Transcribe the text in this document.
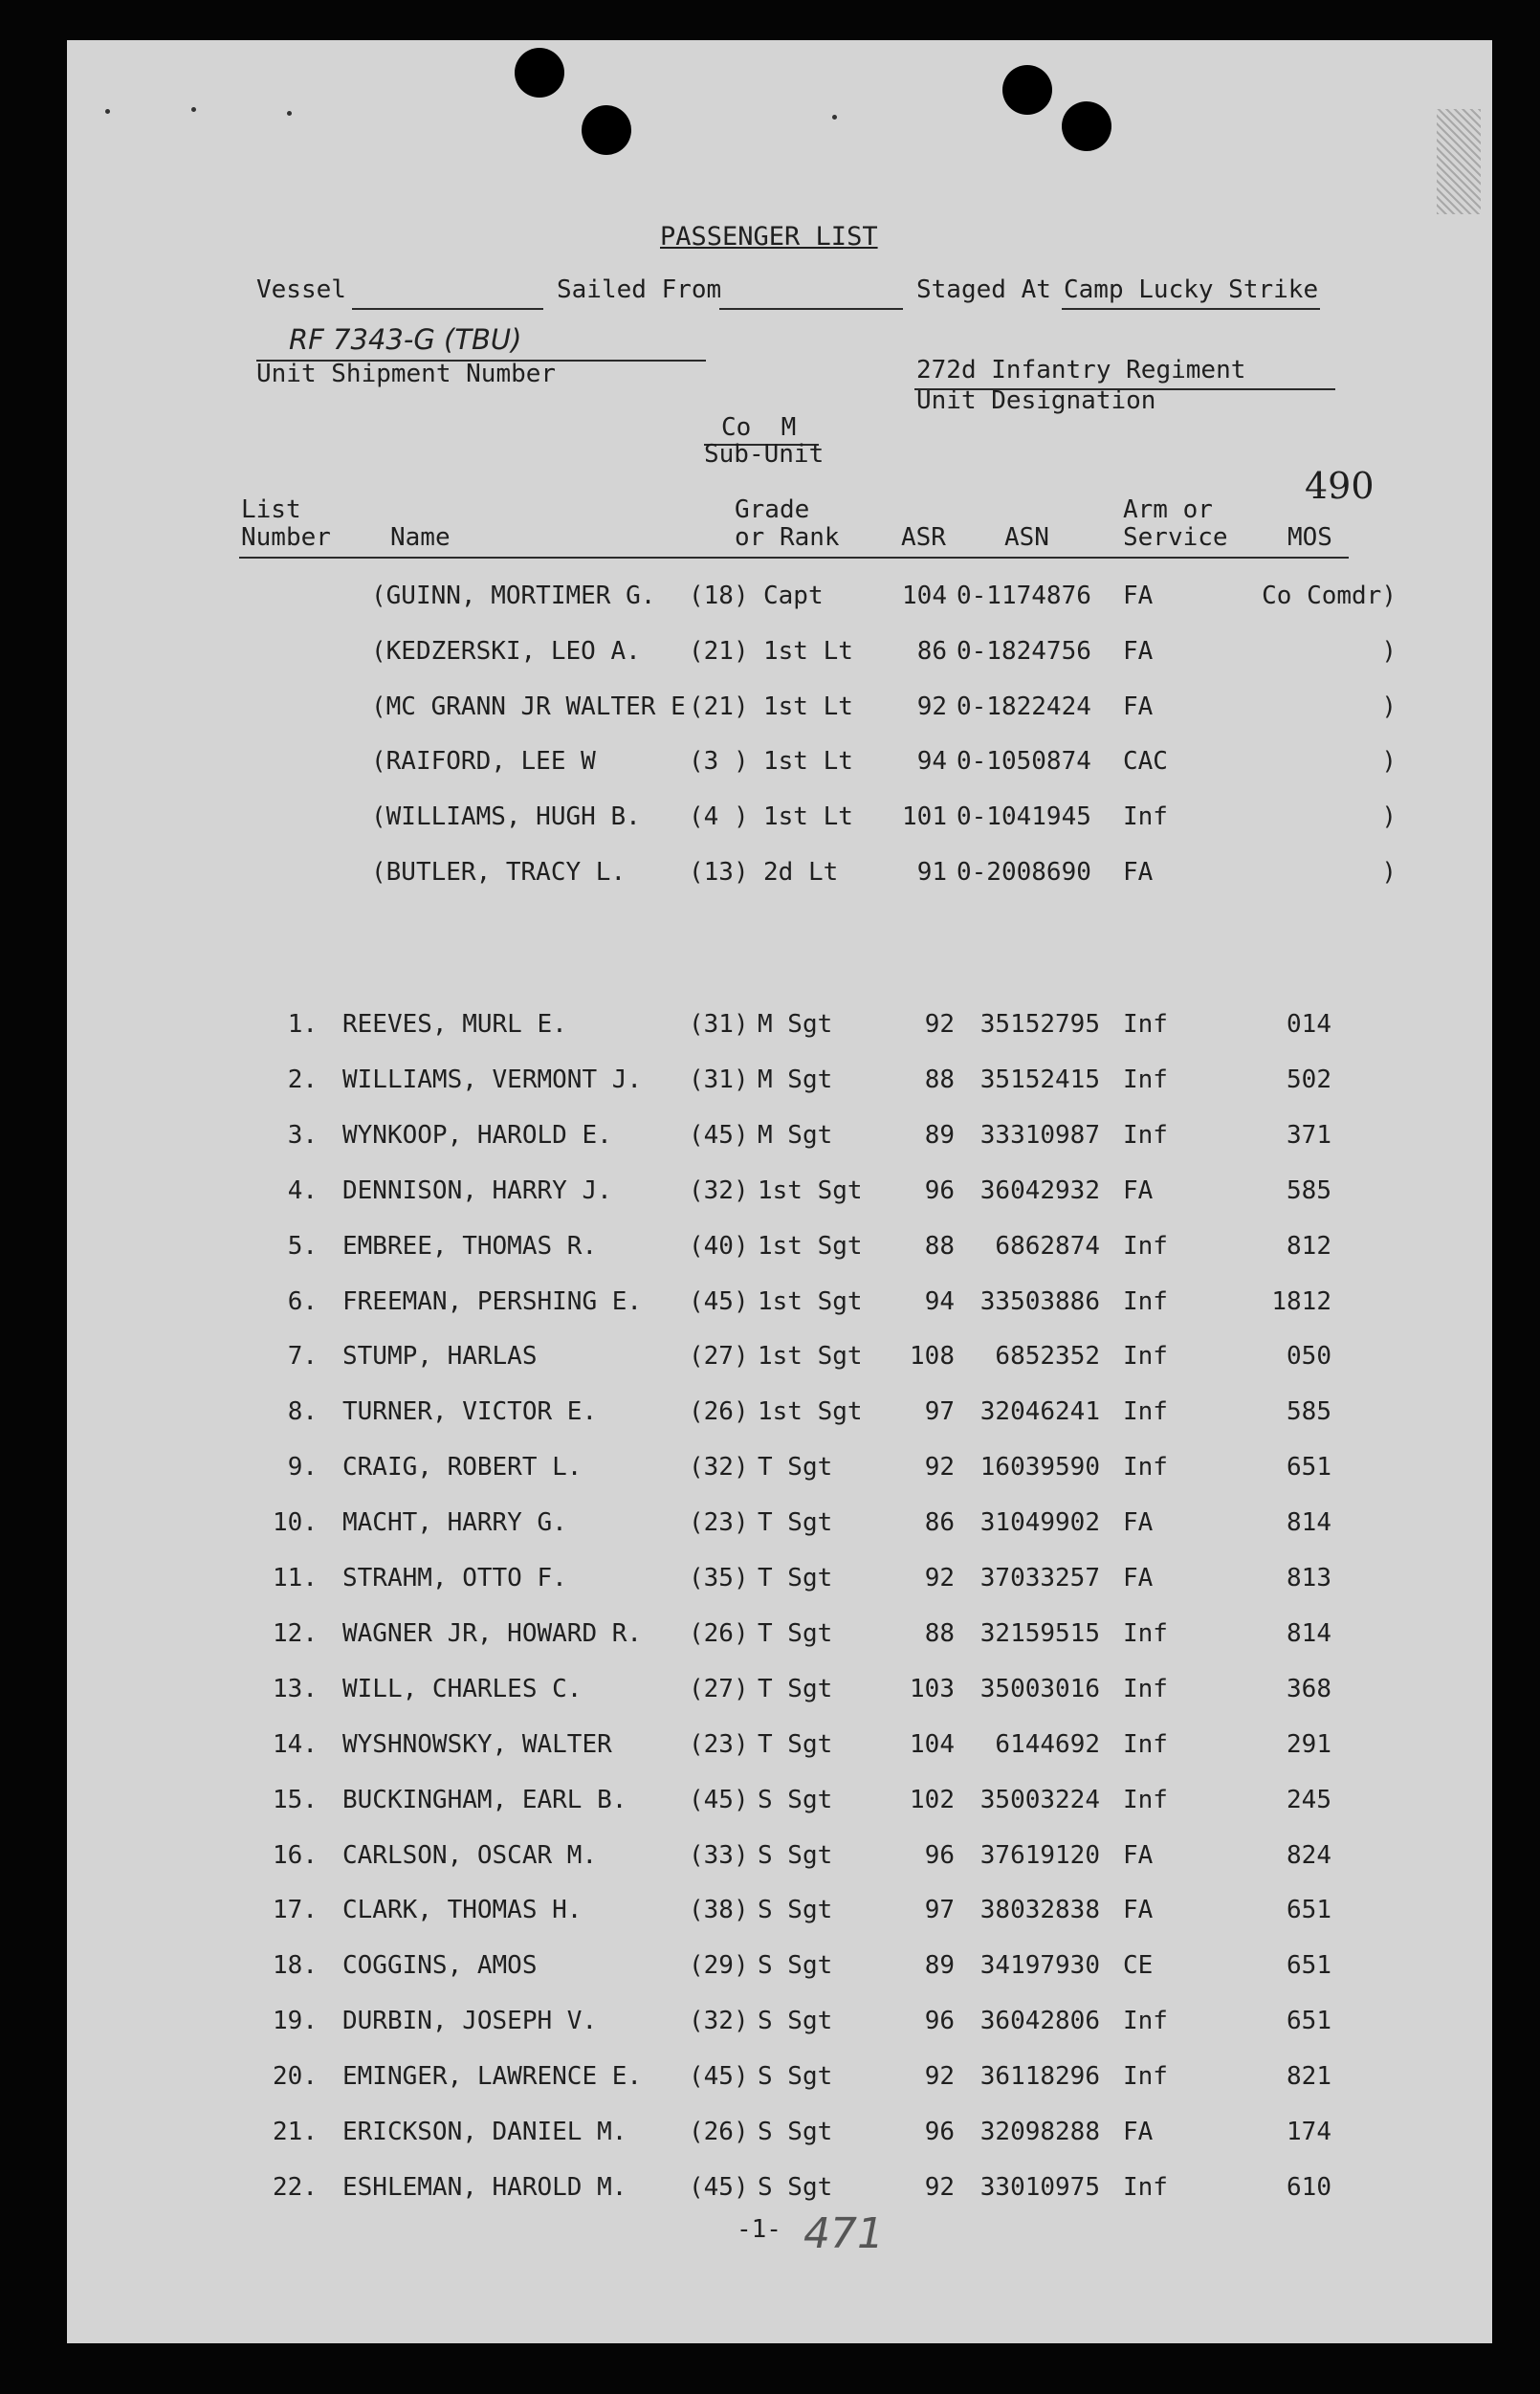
PASSENGER LIST
Vessel	Sailed From	Staged At Camp Lucky Strike
RF 7343-G (TBU)
Unit Shipment Number	272d Infantry Regiment
Unit Designation
Co  M
Sub-Unit
490
List
Number Name
Grade
or Rank ASR ASN
Arm or
Service MOS
(GUINN, MORTIMER G. (18) Capt	104 0-1174876 FA	Co Comdr)
(KEDZERSKI, LEO A. (21) 1st Lt	86 0-1824756 FA	)
(MC GRANN JR WALTER E (21) 1st Lt	92 0-1822424 FA	)
(RAIFORD, LEE W	(3 ) 1st Lt	94 0-1050874 CAC	)
(WILLIAMS, HUGH B. (4 ) 1st Lt 101 0-1041945 Inf	)
(BUTLER, TRACY L.	(13) 2d Lt	91 0-2008690 FA	)
1. REEVES, MURL E.	(31) M Sgt	92	35152795 Inf	014
2. WILLIAMS, VERMONT J. (31) M Sgt	88	35152415 Inf	502
3. WYNKOOP, HAROLD E.	(45) M Sgt	89	33310987 Inf	371
4. DENNISON, HARRY J.	(32) 1st Sgt	96	36042932 FA	585
5. EMBREE, THOMAS R.	(40) 1st Sgt	88	6862874 Inf	812
6. FREEMAN, PERSHING E. (45) 1st Sgt	94	33503886 Inf	1812
7. STUMP, HARLAS	(27) 1st Sgt	108	6852352 Inf	050
8. TURNER, VICTOR E.	(26) 1st Sgt	97	32046241 Inf	585
9. CRAIG, ROBERT L.	(32) T Sgt	92	16039590 Inf	651
10. MACHT, HARRY G.	(23) T Sgt	86	31049902 FA	814
11. STRAHM, OTTO F.	(35) T Sgt	92	37033257 FA	813
12. WAGNER JR, HOWARD R. (26) T Sgt	88	32159515 Inf	814
13. WILL, CHARLES C.	(27) T Sgt	103	35003016 Inf	368
14. WYSHNOWSKY, WALTER	(23) T Sgt	104	6144692 Inf	291
15. BUCKINGHAM, EARL B. (45) S Sgt	102	35003224 Inf	245
16. CARLSON, OSCAR M.	(33) S Sgt	96	37619120 FA	824
17. CLARK, THOMAS H.	(38) S Sgt	97	38032838 FA	651
18. COGGINS, AMOS	(29) S Sgt	89	34197930 CE	651
19. DURBIN, JOSEPH V.	(32) S Sgt	96	36042806 Inf	651
20. EMINGER, LAWRENCE E. (45) S Sgt	92	36118296 Inf	821
21. ERICKSON, DANIEL M. (26) S Sgt	96	32098288 FA	174
22. ESHLEMAN, HAROLD M. (45) S Sgt	92	33010975 Inf	610
-1- 471
